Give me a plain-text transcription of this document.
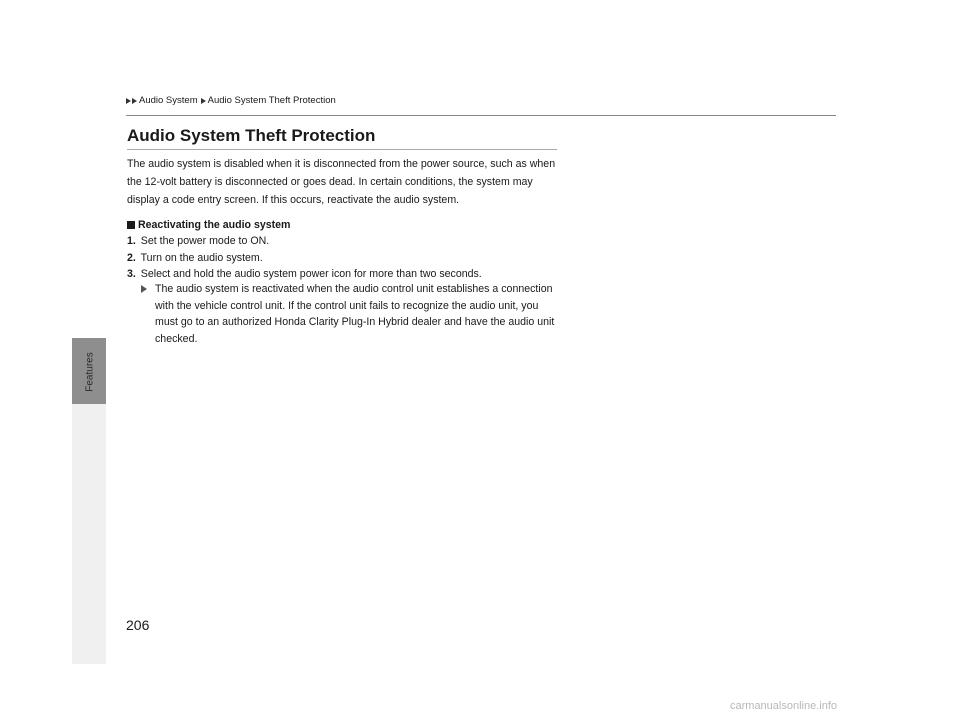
Features
Audio System Audio System Theft Protection
Audio System Theft Protection

The audio system is disabled when it is disconnected from the power source, such as when the 12-volt battery is disconnected or goes dead. In certain conditions, the system may display a code entry screen. If this occurs, reactivate the audio system.

Reactivating the audio system
1. Set the power mode to ON.
2. Turn on the audio system.
3. Select and hold the audio system power icon for more than two seconds.
The audio system is reactivated when the audio control unit establishes a connection with the vehicle control unit. If the control unit fails to recognize the audio unit, you must go to an authorized Honda Clarity Plug-In Hybrid dealer and have the audio unit checked.
206
carmanualsonline.info
